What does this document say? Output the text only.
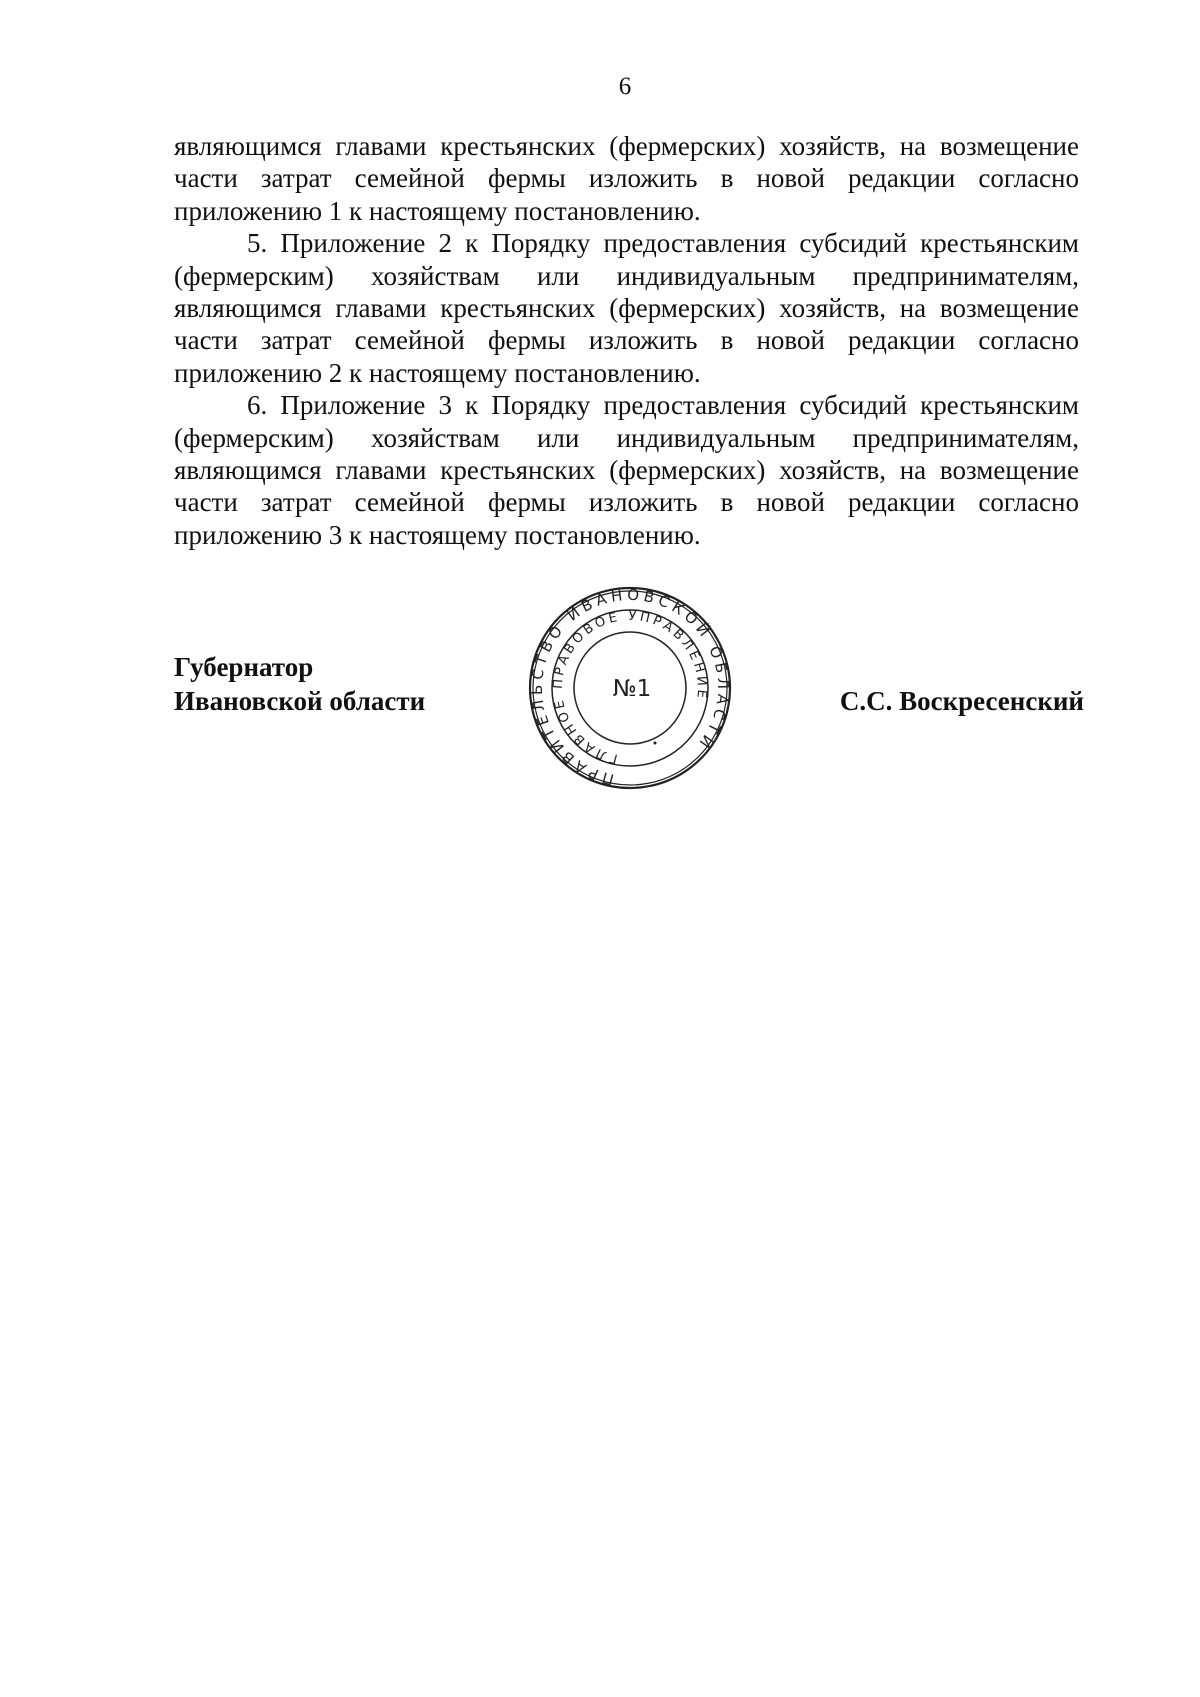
6

являющимся главами крестьянских (фермерских) хозяйств, на возмещение части затрат семейной фермы изложить в новой редакции согласно приложению 1 к настоящему постановлению.

5. Приложение 2 к Порядку предоставления субсидий крестьянским (фермерским) хозяйствам или индивидуальным предпринимателям, являющимся главами крестьянских (фермерских) хозяйств, на возмещение части затрат семейной фермы изложить в новой редакции согласно приложению 2 к настоящему постановлению.

6. Приложение 3 к Порядку предоставления субсидий крестьянским (фермерским) хозяйствам или индивидуальным предпринимателям, являющимся главами крестьянских (фермерских) хозяйств, на возмещение части затрат семейной фермы изложить в новой редакции согласно приложению 3 к настоящему постановлению.

Губернатор
Ивановской области	С.С. Воскресенский
ПРАВИТЕЛЬСТВО ИВАНОВСКОЙ ОБЛАСТИ
ГЛАВНОЕ ПРАВОВОЕ УПРАВЛЕНИЕ
№1
